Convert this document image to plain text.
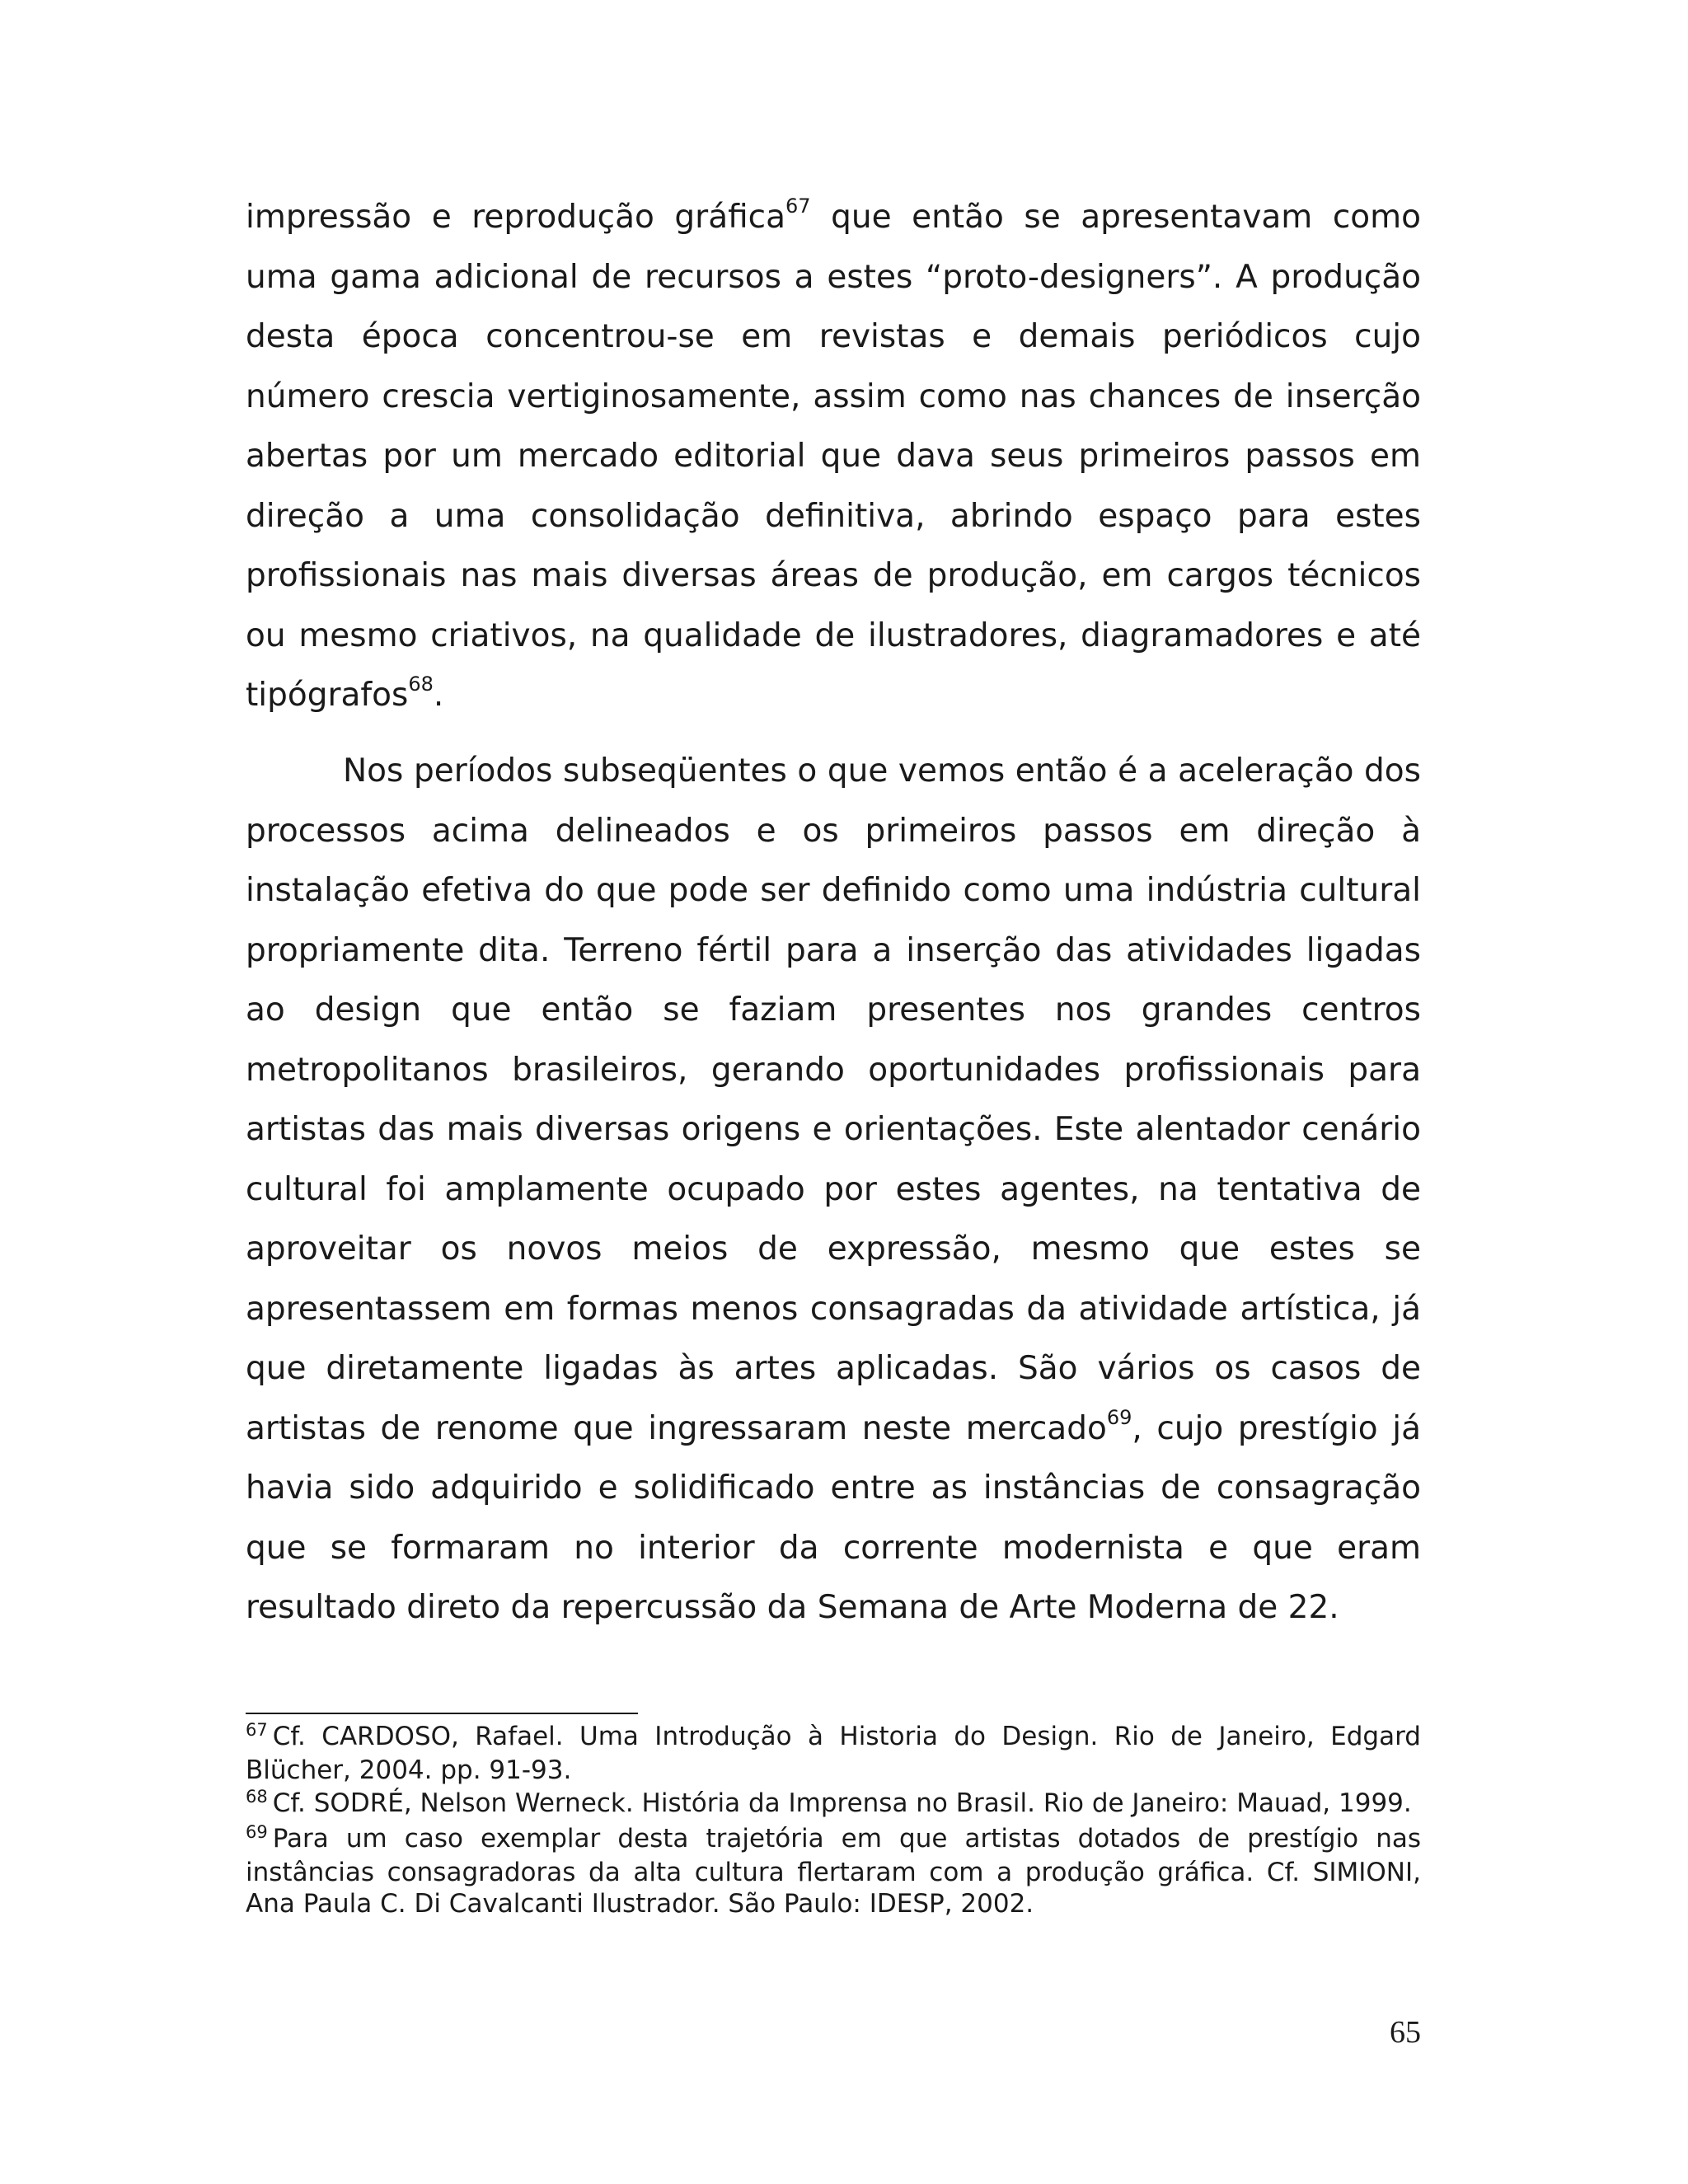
impressão e reprodução gráfica$^{67}$ que então se apresentavam como uma gama adicional de recursos a estes “proto-designers”. A produção desta época concentrou-se em revistas e demais periódicos cujo número crescia vertiginosamente, assim como nas chances de inserção abertas por um mercado editorial que dava seus primeiros passos em direção a uma consolidação definitiva, abrindo espaço para estes profissionais nas mais diversas áreas de produção, em cargos técnicos ou mesmo criativos, na qualidade de ilustradores, diagramadores e até tipógrafos$^{68}$.

Nos períodos subseqüentes o que vemos então é a aceleração dos processos acima delineados e os primeiros passos em direção à instalação efetiva do que pode ser definido como uma indústria cultural propriamente dita. Terreno fértil para a inserção das atividades ligadas ao design que então se faziam presentes nos grandes centros metropolitanos brasileiros, gerando oportunidades profissionais para artistas das mais diversas origens e orientações. Este alentador cenário cultural foi amplamente ocupado por estes agentes, na tentativa de aproveitar os novos meios de expressão, mesmo que estes se apresentassem em formas menos consagradas da atividade artística, já que diretamente ligadas às artes aplicadas. São vários os casos de artistas de renome que ingressaram neste mercado$^{69}$, cujo prestígio já havia sido adquirido e solidificado entre as instâncias de consagração que se formaram no interior da corrente modernista e que eram resultado direto da repercussão da Semana de Arte Moderna de 22.

$^{67}$ Cf. CARDOSO, Rafael. Uma Introdução à Historia do Design. Rio de Janeiro, Edgard Blücher, 2004. pp. 91-93.

$^{68}$ Cf. SODRÉ, Nelson Werneck. História da Imprensa no Brasil. Rio de Janeiro: Mauad, 1999.

$^{69}$ Para um caso exemplar desta trajetória em que artistas dotados de prestígio nas instâncias consagradoras da alta cultura flertaram com a produção gráfica. Cf. SIMIONI, Ana Paula C. Di Cavalcanti Ilustrador. São Paulo: IDESP, 2002.

65
